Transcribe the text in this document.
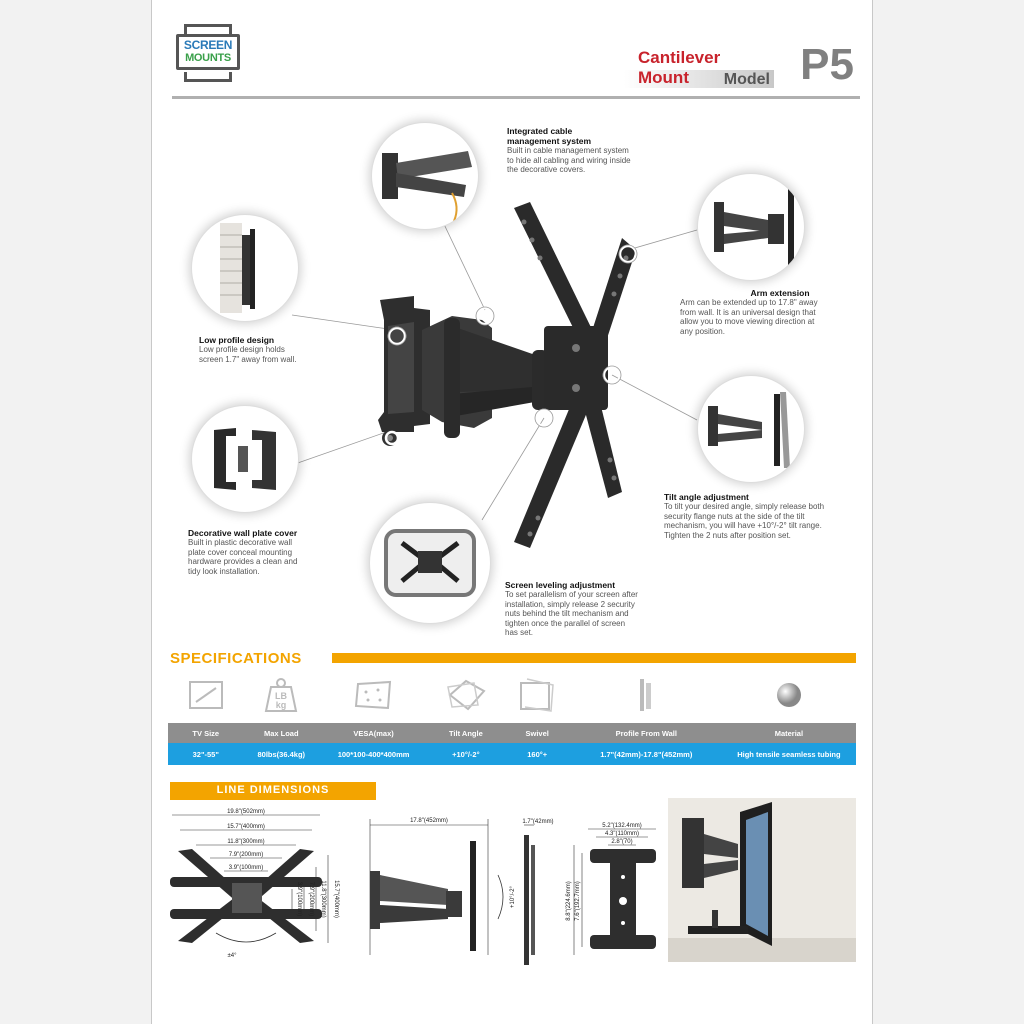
SCREEN
MOUNTS	Cantilever Mount	Model P5
Integrated cable
management system

Built in cable management system

to hide all cabling and wiring inside

the decorative covers.

Arm extension

Arm can be extended up to 17.8" away

from wall. It is an universal design that

allow you to move viewing direction at

any position.

Low profile design

Low profile design holds

screen 1.7" away from wall.

Tilt angle adjustment

To tilt your desired angle, simply release both

security flange nuts at the side of the tilt

mechanism, you will have +10°/-2° tilt range.

Tighten the 2 nuts after position set.

Decorative wall plate cover

Built in plastic decorative wall

plate cover conceal mounting

hardware provides a clean and

tidy look installation.

Screen leveling adjustment

To set parallelism of your screen after

installation, simply release 2 security

nuts behind the tilt mechanism and

tighten once the parallel of screen

has set.

SPECIFICATIONS
LB
kg
TV Size	Max Load	VESA(max)	Tilt Angle	Swivel	Profile From Wall	Material
32"-55"	80lbs(36.4kg)	100*100-400*400mm	+10°/-2°	160°+	1.7"(42mm)-17.8"(452mm)	High tensile seamless tubing
LINE DIMENSIONS
19.8"(502mm)
15.7"(400mm)
11.8"(300mm)
7.9"(200mm)
3.9"(100mm)
15.7"(400mm)
11.8"(300mm)
7.9"(200mm)
3.9"(100mm)
±4°
17.8"(452mm)
+10°/-2°
1.7"(42mm)
5.2"(132.4mm)
4.3"(110mm)
2.8"(70)
8.8"(224.6mm) 7.6"(192.7mm)
